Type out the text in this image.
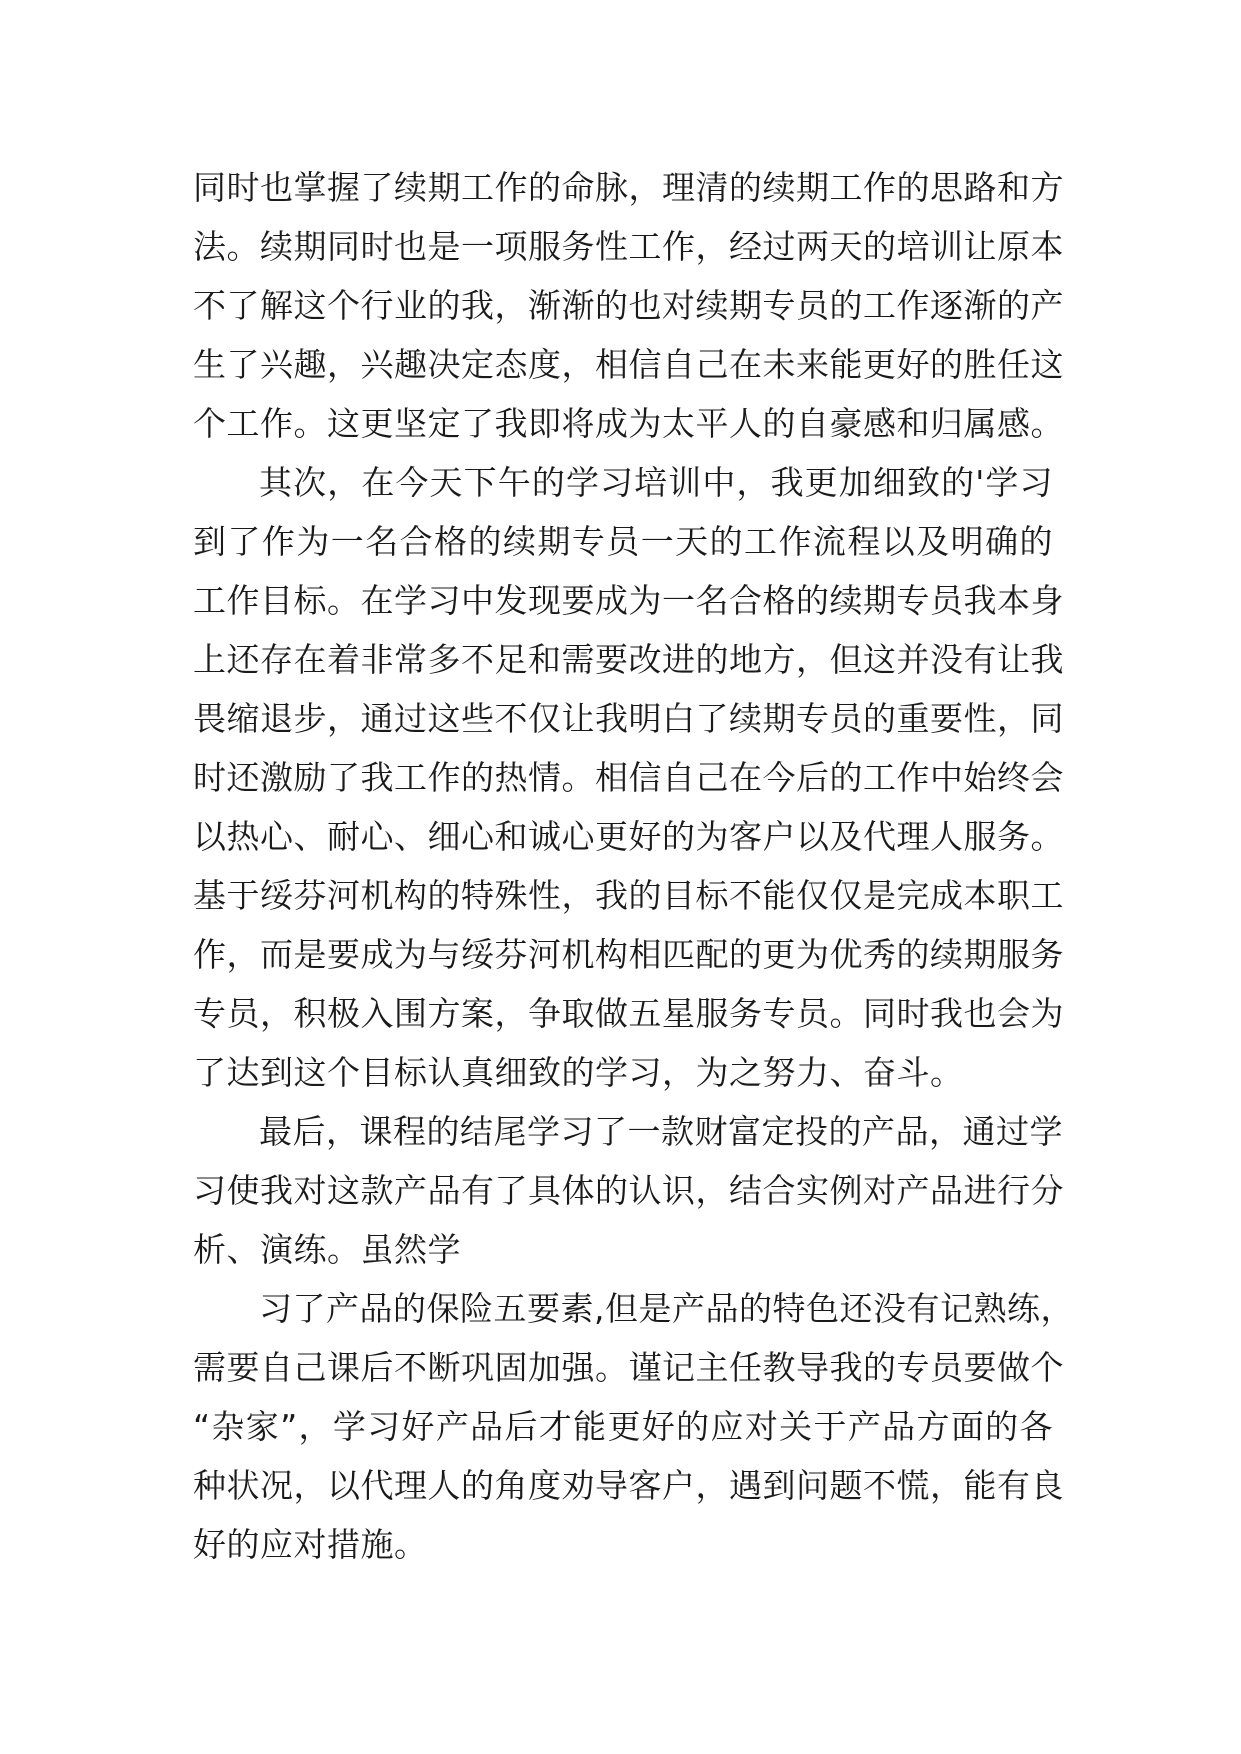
同时也掌握了续期工作的命脉，理清的续期工作的思路和方
法。续期同时也是一项服务性工作，经过两天的培训让原本
不了解这个行业的我，渐渐的也对续期专员的工作逐渐的产
生了兴趣，兴趣决定态度，相信自己在未来能更好的胜任这
个工作。这更坚定了我即将成为太平人的自豪感和归属感。
其次，在今天下午的学习培训中，我更加细致的'学习
到了作为一名合格的续期专员一天的工作流程以及明确的
工作目标。在学习中发现要成为一名合格的续期专员我本身
上还存在着非常多不足和需要改进的地方，但这并没有让我
畏缩退步，通过这些不仅让我明白了续期专员的重要性，同
时还激励了我工作的热情。相信自己在今后的工作中始终会
以热心、耐心、细心和诚心更好的为客户以及代理人服务。
基于绥芬河机构的特殊性，我的目标不能仅仅是完成本职工
作，而是要成为与绥芬河机构相匹配的更为优秀的续期服务
专员，积极入围方案，争取做五星服务专员。同时我也会为
了达到这个目标认真细致的学习，为之努力、奋斗。
最后，课程的结尾学习了一款财富定投的产品，通过学
习使我对这款产品有了具体的认识，结合实例对产品进行分
析、演练。虽然学
习了产品的保险五要素,但是产品的特色还没有记熟练，
需要自己课后不断巩固加强。谨记主任教导我的专员要做个
“杂家”，学习好产品后才能更好的应对关于产品方面的各
种状况，以代理人的角度劝导客户，遇到问题不慌，能有良
好的应对措施。
